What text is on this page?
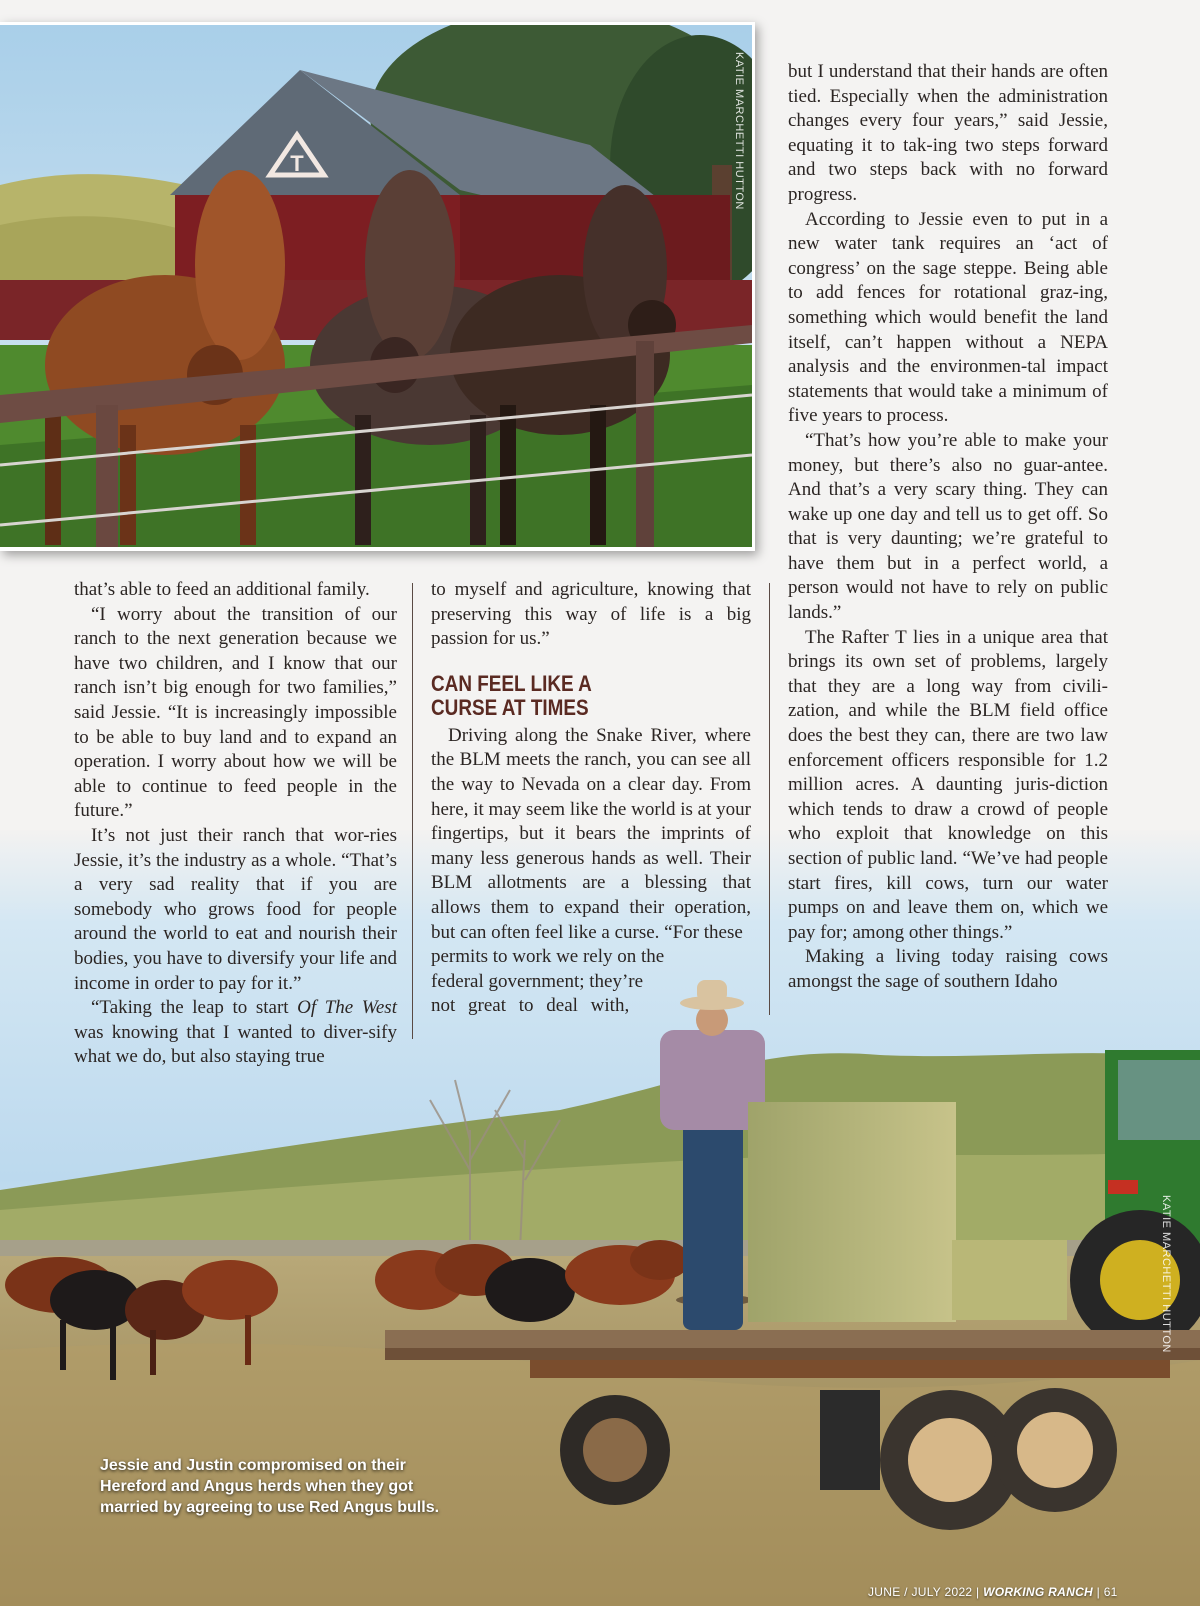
T	KATIE MARCHETTI HUTTON

that’s able to feed an additional family.

“I worry about the transition of our ranch to the next generation because we have two children, and I know that our ranch isn’t big enough for two families,” said Jessie. “It is increasingly impossible to be able to buy land and to expand an operation. I worry about how we will be able to continue to feed people in the future.”

It’s not just their ranch that wor-ries Jessie, it’s the industry as a whole. “That’s a very sad reality that if you are somebody who grows food for people around the world to eat and nourish their bodies, you have to diversify your life and income in order to pay for it.”

“Taking the leap to start Of The West was knowing that I wanted to diver-sify what we do, but also staying true

to myself and agriculture, knowing that preserving this way of life is a big passion for us.”

CAN FEEL LIKE A
CURSE AT TIMES

Driving along the Snake River, where the BLM meets the ranch, you can see all the way to Nevada on a clear day. From here, it may seem like the world is at your fingertips, but it bears the imprints of many less generous hands as well. Their BLM allotments are a blessing that allows them to expand their operation, but can often feel like a curse. “For these

permits to work we rely on the

federal government; they’re

not great to deal with,

but I understand that their hands are often tied. Especially when the administration changes every four years,” said Jessie, equating it to tak-ing two steps forward and two steps back with no forward progress.

According to Jessie even to put in a new water tank requires an ‘act of congress’ on the sage steppe. Being able to add fences for rotational graz-ing, something which would benefit the land itself, can’t happen without a NEPA analysis and the environmen-tal impact statements that would take a minimum of five years to process.

“That’s how you’re able to make your money, but there’s also no guar-antee. And that’s a very scary thing. They can wake up one day and tell us to get off. So that is very daunting; we’re grateful to have them but in a perfect world, a person would not have to rely on public lands.”

The Rafter T lies in a unique area that brings its own set of problems, largely that they are a long way from civili-zation, and while the BLM field office does the best they can, there are two law enforcement officers responsible for 1.2 million acres. A daunting juris-diction which tends to draw a crowd of people who exploit that knowledge on this section of public land. “We’ve had people start fires, kill cows, turn our water pumps on and leave them on, which we pay for; among other things.”

Making a living today raising cows amongst the sage of southern Idaho

KATIE MARCHETTI HUTTON
Jessie and Justin compromised on their Hereford and Angus herds when they got married by agreeing to use Red Angus bulls.
JUNE / JULY 2022 | WORKING RANCH | 61
